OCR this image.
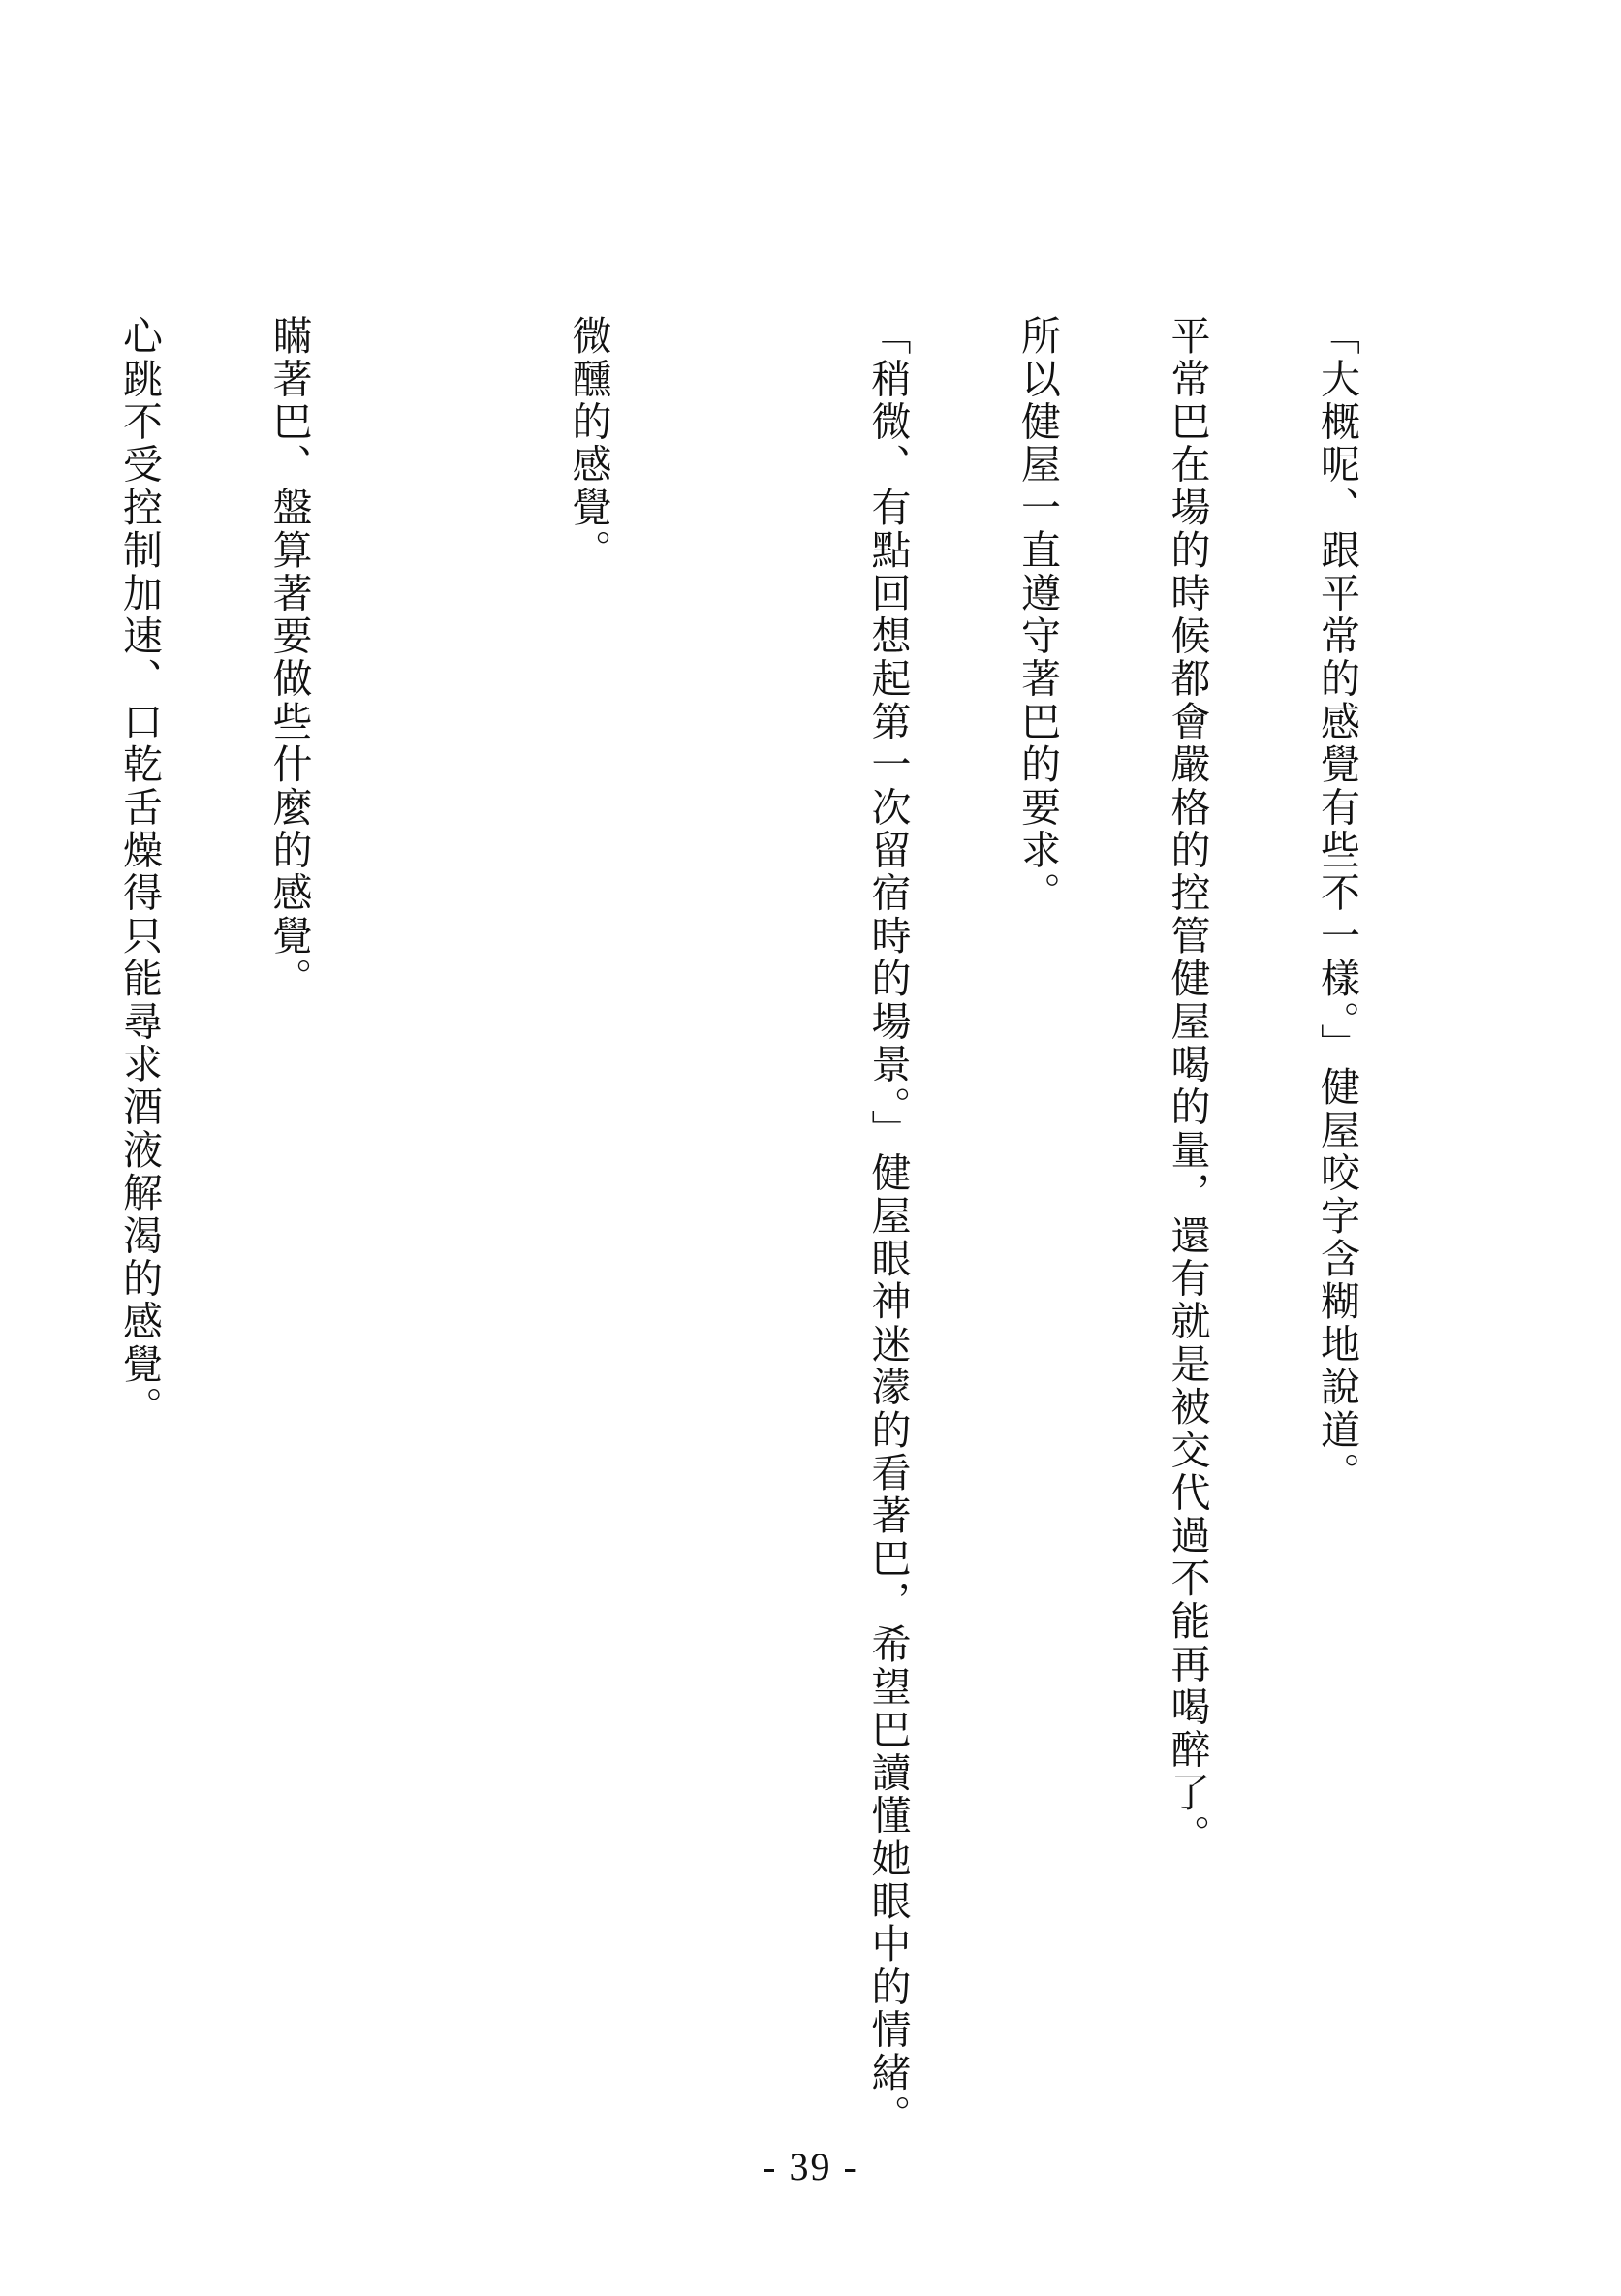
「大概呢、跟平常的感覺有些不一樣。」健屋咬字含糊地說道。

平常巴在場的時候都會嚴格的控管健屋喝的量，還有就是被交代過不能再喝醉了。

所以健屋一直遵守著巴的要求。

「稍微、有點回想起第一次留宿時的場景。」健屋眼神迷濛的看著巴，希望巴讀懂她眼中的情緒。

微醺的感覺。

瞞著巴、盤算著要做些什麼的感覺。

心跳不受控制加速、口乾舌燥得只能尋求酒液解渴的感覺。

- 39 -
